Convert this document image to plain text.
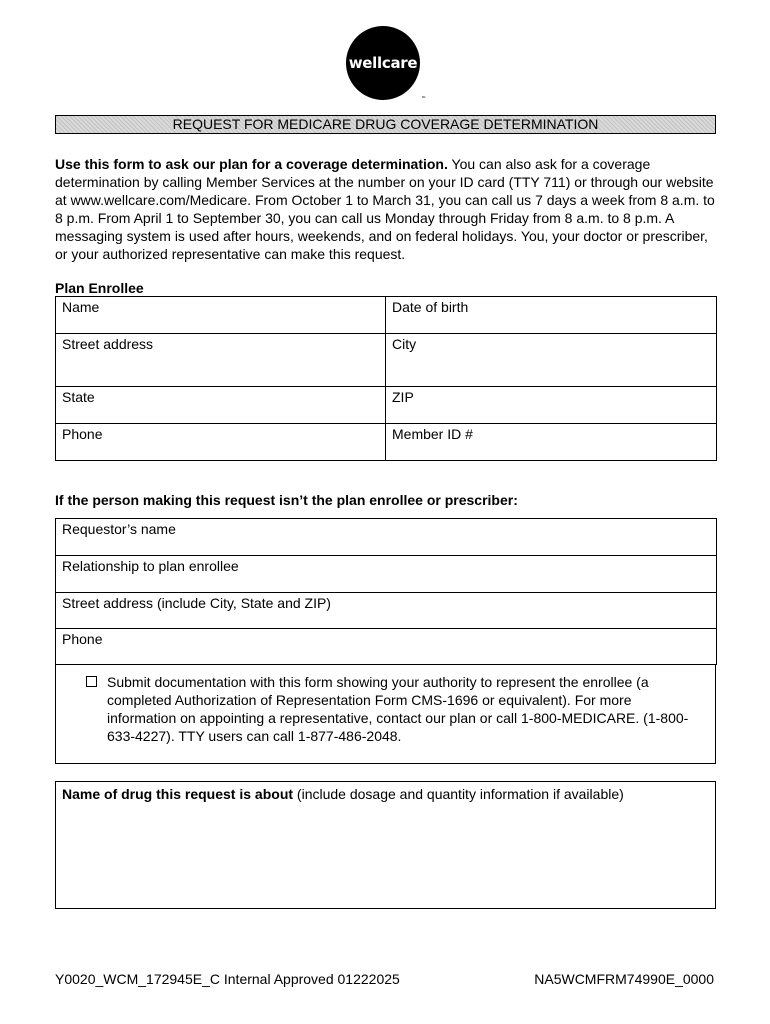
wellcare
™
REQUEST FOR MEDICARE DRUG COVERAGE DETERMINATION
Use this form to ask our plan for a coverage determination. You can also ask for a coverage determination by calling Member Services at the number on your ID card (TTY 711) or through our website at www.wellcare.com/Medicare. From October 1 to March 31, you can call us 7 days a week from 8 a.m. to 8 p.m. From April 1 to September 30, you can call us Monday through Friday from 8 a.m. to 8 p.m. A messaging system is used after hours, weekends, and on federal holidays. You, your doctor or prescriber, or your authorized representative can make this request.
Plan Enrollee
Name	Date of birth
Street address	City
State	ZIP
Phone	Member ID #
If the person making this request isn’t the plan enrollee or prescriber:
Requestor’s name
Relationship to plan enrollee
Street address (include City, State and ZIP)
Phone
Submit documentation with this form showing your authority to represent the enrollee (a completed Authorization of Representation Form CMS-1696 or equivalent). For more information on appointing a representative, contact our plan or call 1-800-MEDICARE. (1-800-633-4227). TTY users can call 1-877-486-2048.
Name of drug this request is about (include dosage and quantity information if available)
Y0020_WCM_172945E_C Internal Approved 01222025	NA5WCMFRM74990E_0000
